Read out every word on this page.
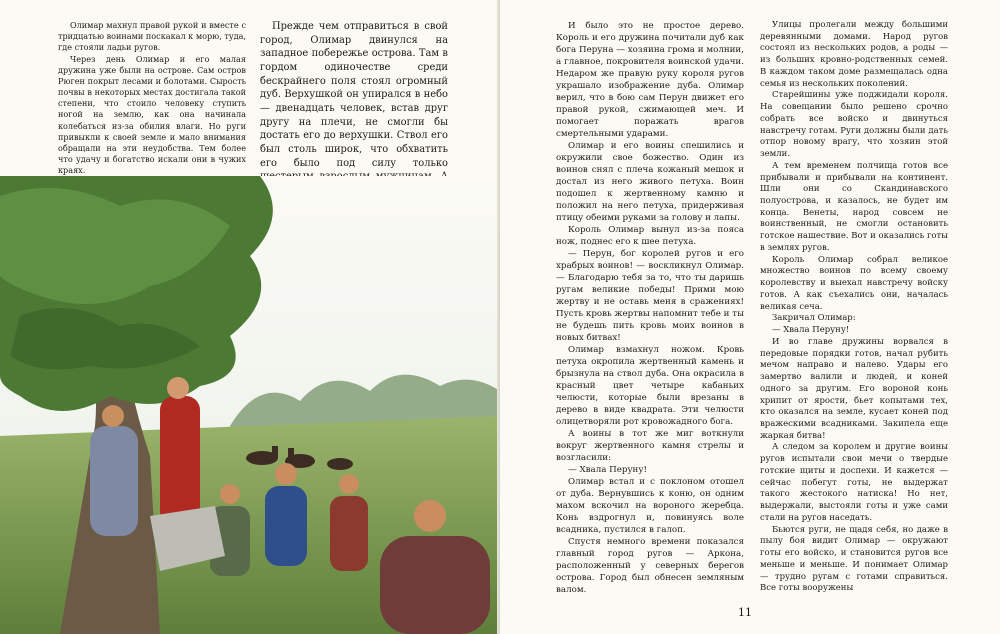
Олимар махнул правой рукой и вместе с тридцатью воинами поскакал к морю, туда, где стояли ладьи ругов.

Через день Олимар и его малая дружина уже были на острове. Сам остров Рюген покрыт лесами и болотами. Сырость почвы в некоторых местах достигала такой степени, что стоило человеку ступить ногой на землю, как она начинала колебаться из-за обилия влаги. Но руги привыкли к своей земле и мало внимания обращали на эти неудобства. Тем более что удачу и богатство искали они в чужих краях.

Прежде чем отправиться в свой город, Олимар двинулся на западное побережье острова. Там в гордом одиночестве среди бескрайнего поля стоял огромный дуб. Верхушкой он упирался в небо — двенадцать человек, встав друг другу на плечи, не смогли бы достать его до верхушки. Ствол его был столь широк, что обхватить его было под силу только

И было это не простое дерево. Король и его дружина почитали дуб как бога Перуна — хозяина грома и молнии, а главное, покровителя воинской удачи. Недаром же правую руку короля ругов украшало изображение дуба. Олимар верил, что в бою сам Перун движет его правой рукой, сжимающей меч. И помогает поражать врагов смертельными ударами.

Олимар и его воины спешились и окружили свое божество. Один из воинов снял с плеча кожаный мешок и достал из него живого петуха. Воин подошел к жертвенному камню и положил на него петуха, придерживая птицу обеими руками за голову и лапы.

Король Олимар вынул из-за пояса нож, поднес его к шее петуха.

— Перун, бог королей ругов и его храбрых воинов! — воскликнул Олимар. — Благодарю тебя за то, что ты даришь ругам великие победы! Прими мою жертву и не оставь меня в сражениях! Пусть кровь жертвы напомнит тебе и ты не будешь пить кровь моих воинов в новых битвах!

Олимар взмахнул ножом. Кровь петуха окропила жертвенный камень и брызнула на ствол дуба. Она окрасила в красный цвет четыре кабаньих челюсти, которые были врезаны в дерево в виде квадрата. Эти челюсти олицетворяли рот кровожадного бога.

А воины в тот же миг воткнули вокруг жертвенного камня стрелы и возгласили:

— Хвала Перуну!

Олимар встал и с поклоном отошел от дуба. Вернувшись к коню, он одним махом вскочил на вороного жеребца. Конь вздрогнул и, повинуясь воле всадника, пустился в галоп.

Спустя немного времени показался главный город ругов — Аркона, расположенный у северных берегов острова. Город был обнесен земляным валом.

Улицы пролегали между большими деревянными домами. Народ ругов состоял из нескольких родов, а роды — из больших кровно-родственных семей. В каждом таком доме размещалась одна семья из нескольких поколений.

Старейшины уже поджидали короля. На совещании было решено срочно собрать все войско и двинуться навстречу готам. Руги должны были дать отпор новому врагу, что хозяин этой земли.

А тем временем полчища готов все прибывали и прибывали на континент. Шли они со Скандинавского полуострова, и казалось, не будет им конца. Венеты, народ совсем не воинственный, не смогли остановить готское нашествие. Вот и оказались готы в землях ругов.

Король Олимар собрал великое множество воинов по всему своему королевству и выехал навстречу войску готов. А как съехались они, началась великая сеча.

Закричал Олимар:

— Хвала Перуну!

И во главе дружины ворвался в передовые порядки готов, начал рубить мечом направо и налево. Удары его замертво валили и людей, и коней одного за другим. Его вороной конь хрипит от ярости, бьет копытами тех, кто оказался на земле, кусает коней под вражескими всадниками. Закипела еще жаркая битва!

А следом за королем и другие воины ругов испытали свои мечи о твердые готские щиты и доспехи. И кажется — сейчас побегут готы, не выдержат такого жестокого натиска! Но нет, выдержали, выстояли готы и уже сами стали на ругов наседать.

Бьются руги, не щадя себя, но даже в пылу боя видит Олимар — окружают готы его войско, и становится ругов все меньше и меньше. И понимает Олимар — трудно ругам с готами справиться. Все готы вооружены

11
